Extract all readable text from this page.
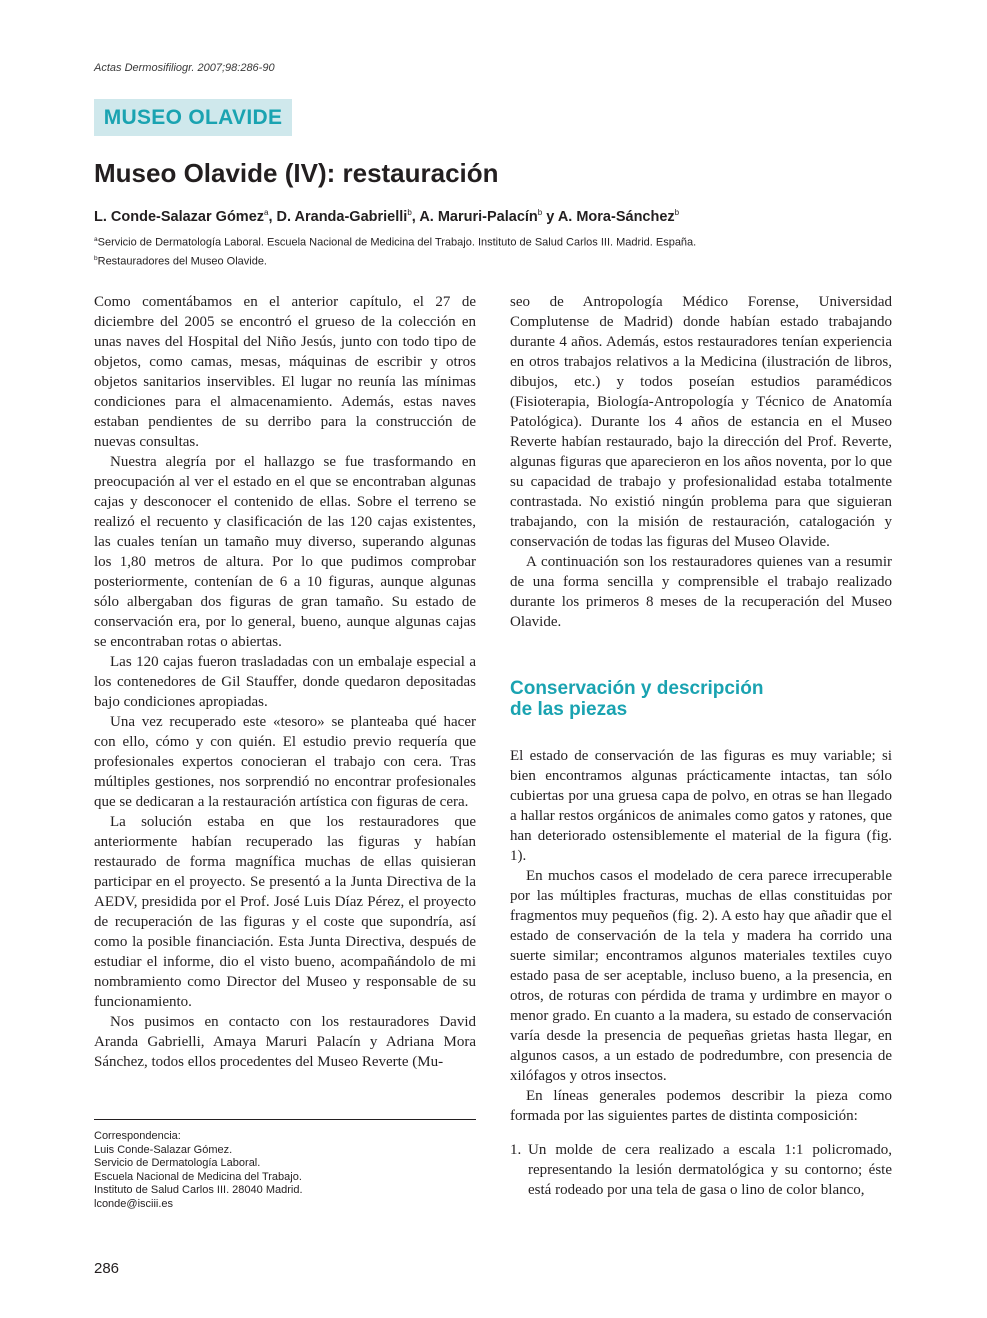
Actas Dermosifiliogr. 2007;98:286-90
MUSEO OLAVIDE
Museo Olavide (IV): restauración
L. Conde-Salazar Gómez$^a$, D. Aranda-Gabrielli$^b$, A. Maruri-Palacín$^b$ y A. Mora-Sánchez$^b$
$^a$Servicio de Dermatología Laboral. Escuela Nacional de Medicina del Trabajo. Instituto de Salud Carlos III. Madrid. España.
$^b$Restauradores del Museo Olavide.

Como comentábamos en el anterior capítulo, el 27 de diciembre del 2005 se encontró el grueso de la colección en unas naves del Hospital del Niño Jesús, junto con todo tipo de objetos, como camas, mesas, máquinas de escribir y otros objetos sanitarios inservibles. El lugar no reunía las mínimas condiciones para el almacenamiento. Además, estas naves estaban pendientes de su derribo para la construcción de nuevas consultas.

Nuestra alegría por el hallazgo se fue trasformando en preocupación al ver el estado en el que se encontraban algunas cajas y desconocer el contenido de ellas. Sobre el terreno se realizó el recuento y clasificación de las 120 cajas existentes, las cuales tenían un tamaño muy diverso, superando algunas los 1,80 metros de altura. Por lo que pudimos comprobar posteriormente, contenían de 6 a 10 figuras, aunque algunas sólo albergaban dos figuras de gran tamaño. Su estado de conservación era, por lo general, bueno, aunque algunas cajas se encontraban rotas o abiertas.

Las 120 cajas fueron trasladadas con un embalaje especial a los contenedores de Gil Stauffer, donde quedaron depositadas bajo condiciones apropiadas.

Una vez recuperado este «tesoro» se planteaba qué hacer con ello, cómo y con quién. El estudio previo requería que profesionales expertos conocieran el trabajo con cera. Tras múltiples gestiones, nos sorprendió no encontrar profesionales que se dedicaran a la restauración artística con figuras de cera.

La solución estaba en que los restauradores que anteriormente habían recuperado las figuras y habían restaurado de forma magnífica muchas de ellas quisieran participar en el proyecto. Se presentó a la Junta Directiva de la AEDV, presidida por el Prof. José Luis Díaz Pérez, el proyecto de recuperación de las figuras y el coste que supondría, así como la posible financiación. Esta Junta Directiva, después de estudiar el informe, dio el visto bueno, acompañándolo de mi nombramiento como Director del Museo y responsable de su funcionamiento.

Nos pusimos en contacto con los restauradores David Aranda Gabrielli, Amaya Maruri Palacín y Adriana Mora Sánchez, todos ellos procedentes del Museo Reverte (Mu-

seo de Antropología Médico Forense, Universidad Complutense de Madrid) donde habían estado trabajando durante 4 años. Además, estos restauradores tenían experiencia en otros trabajos relativos a la Medicina (ilustración de libros, dibujos, etc.) y todos poseían estudios paramédicos (Fisioterapia, Biología-Antropología y Técnico de Anatomía Patológica). Durante los 4 años de estancia en el Museo Reverte habían restaurado, bajo la dirección del Prof. Reverte, algunas figuras que aparecieron en los años noventa, por lo que su capacidad de trabajo y profesionalidad estaba totalmente contrastada. No existió ningún problema para que siguieran trabajando, con la misión de restauración, catalogación y conservación de todas las figuras del Museo Olavide.

A continuación son los restauradores quienes van a resumir de una forma sencilla y comprensible el trabajo realizado durante los primeros 8 meses de la recuperación del Museo Olavide.

Conservación y descripción
de las piezas

El estado de conservación de las figuras es muy variable; si bien encontramos algunas prácticamente intactas, tan sólo cubiertas por una gruesa capa de polvo, en otras se han llegado a hallar restos orgánicos de animales como gatos y ratones, que han deteriorado ostensiblemente el material de la figura (fig. 1).

En muchos casos el modelado de cera parece irrecuperable por las múltiples fracturas, muchas de ellas constituidas por fragmentos muy pequeños (fig. 2). A esto hay que añadir que el estado de conservación de la tela y madera ha corrido una suerte similar; encontramos algunos materiales textiles cuyo estado pasa de ser aceptable, incluso bueno, a la presencia, en otros, de roturas con pérdida de trama y urdimbre en mayor o menor grado. En cuanto a la madera, su estado de conservación varía desde la presencia de pequeñas grietas hasta llegar, en algunos casos, a un estado de podredumbre, con presencia de xilófagos y otros insectos.

En líneas generales podemos describir la pieza como formada por las siguientes partes de distinta composición:

1. Un molde de cera realizado a escala 1:1 policromado, representando la lesión dermatológica y su contorno; éste está rodeado por una tela de gasa o lino de color blanco,
Correspondencia:
Luis Conde-Salazar Gómez.
Servicio de Dermatología Laboral.
Escuela Nacional de Medicina del Trabajo.
Instituto de Salud Carlos III. 28040 Madrid.
lconde@isciii.es
286
